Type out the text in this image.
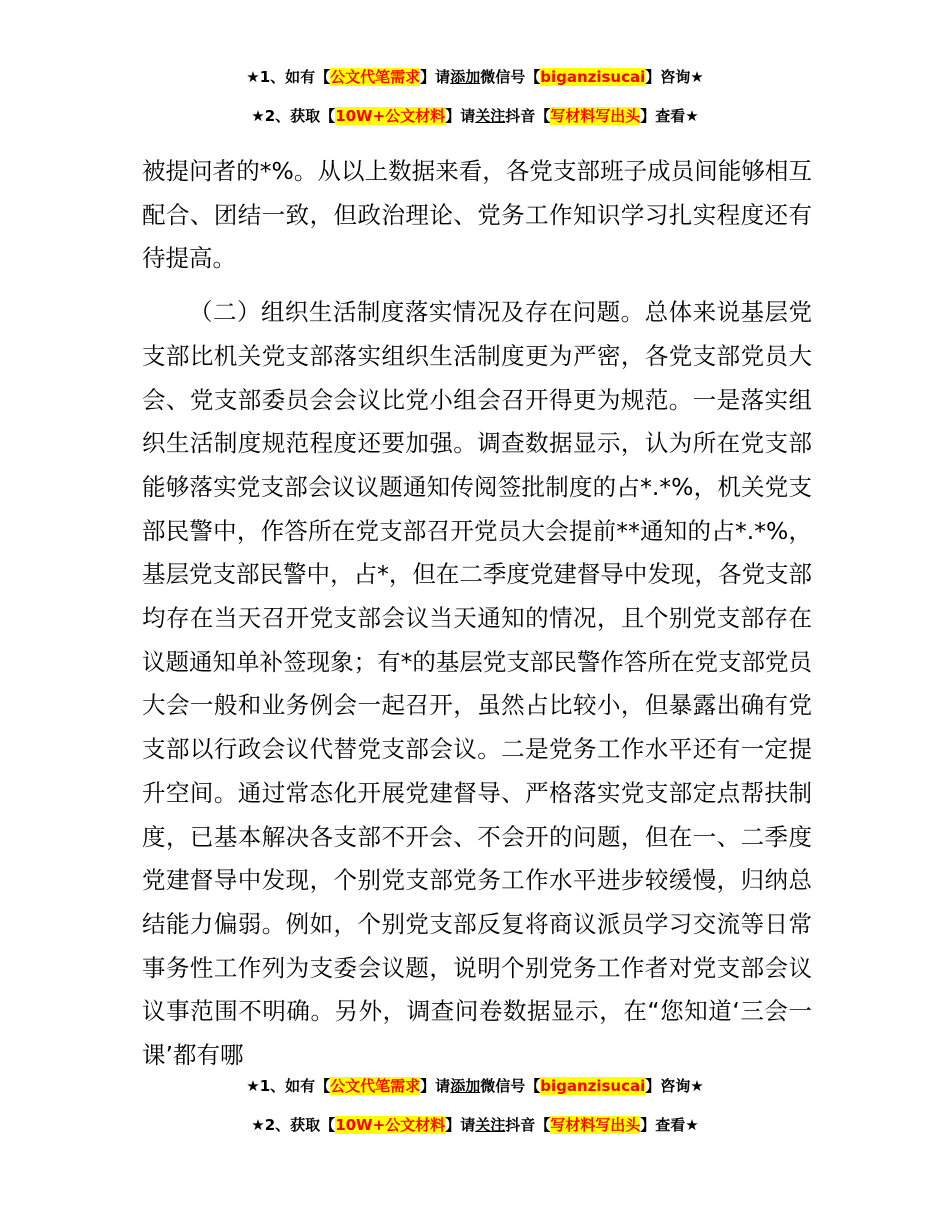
★1、如有【公文代笔需求】请添加微信号【biganzisucai】咨询★
★2、获取【10W+公文材料】请关注抖音【写材料写出头】查看★

被提问者的*%。从以上数据来看，各党支部班子成员间能够相互配合、团结一致，但政治理论、党务工作知识学习扎实程度还有待提高。

（二）组织生活制度落实情况及存在问题。总体来说基层党支部比机关党支部落实组织生活制度更为严密，各党支部党员大会、党支部委员会会议比党小组会召开得更为规范。一是落实组织生活制度规范程度还要加强。调查数据显示，认为所在党支部能够落实党支部会议议题通知传阅签批制度的占*.*%，机关党支部民警中，作答所在党支部召开党员大会提前**通知的占*.*%，基层党支部民警中，占*，但在二季度党建督导中发现，各党支部均存在当天召开党支部会议当天通知的情况，且个别党支部存在议题通知单补签现象；有*的基层党支部民警作答所在党支部党员大会一般和业务例会一起召开，虽然占比较小，但暴露出确有党支部以行政会议代替党支部会议。二是党务工作水平还有一定提升空间。通过常态化开展党建督导、严格落实党支部定点帮扶制度，已基本解决各支部不开会、不会开的问题，但在一、二季度党建督导中发现，个别党支部党务工作水平进步较缓慢，归纳总结能力偏弱。例如，个别党支部反复将商议派员学习交流等日常事务性工作列为支委会议题，说明个别党务工作者对党支部会议议事范围不明确。另外，调查问卷数据显示，在“您知道‘三会一课’都有哪

★1、如有【公文代笔需求】请添加微信号【biganzisucai】咨询★
★2、获取【10W+公文材料】请关注抖音【写材料写出头】查看★
